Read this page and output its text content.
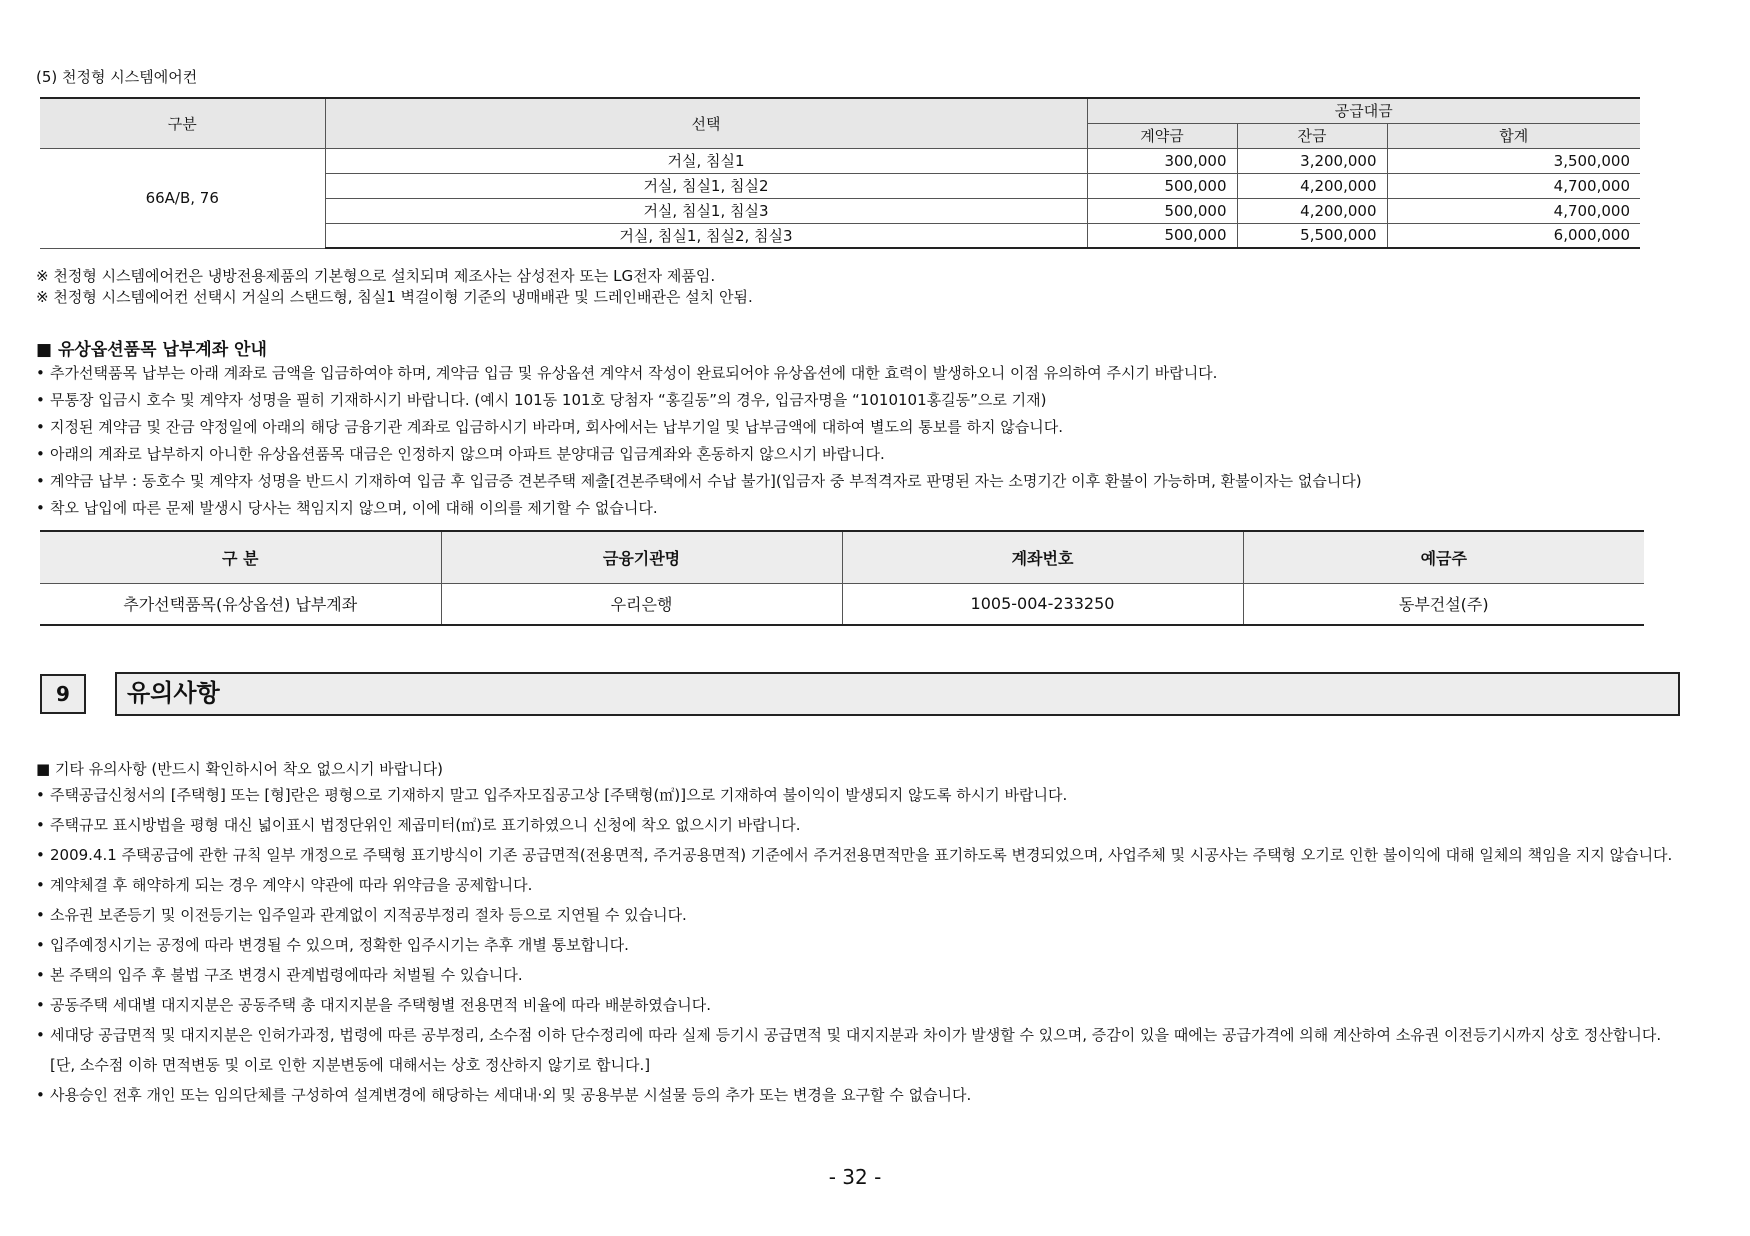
(5) 천정형 시스템에어컨
구분	선택	공급대금		
		계약금	잔금	합계
66A/B, 76	거실, 침실1	300,000	3,200,000	3,500,000
	거실, 침실1, 침실2	500,000	4,200,000	4,700,000
	거실, 침실1, 침실3	500,000	4,200,000	4,700,000
	거실, 침실1, 침실2, 침실3	500,000	5,500,000	6,000,000
※ 천정형 시스템에어컨은 냉방전용제품의 기본형으로 설치되며 제조사는 삼성전자 또는 LG전자 제품임.
※ 천정형 시스템에어컨 선택시 거실의 스탠드형, 침실1 벽걸이형 기준의 냉매배관 및 드레인배관은 설치 안됨.
■ 유상옵션품목 납부계좌 안내
• 추가선택품목 납부는 아래 계좌로 금액을 입금하여야 하며, 계약금 입금 및 유상옵션 계약서 작성이 완료되어야 유상옵션에 대한 효력이 발생하오니 이점 유의하여 주시기 바랍니다.
• 무통장 입금시 호수 및 계약자 성명을 필히 기재하시기 바랍니다. (예시 101동 101호 당첨자 “홍길동”의 경우, 입금자명을 “1010101홍길동”으로 기재)
• 지정된 계약금 및 잔금 약정일에 아래의 해당 금융기관 계좌로 입금하시기 바라며, 회사에서는 납부기일 및 납부금액에 대하여 별도의 통보를 하지 않습니다.
• 아래의 계좌로 납부하지 아니한 유상옵션품목 대금은 인정하지 않으며 아파트 분양대금 입금계좌와 혼동하지 않으시기 바랍니다.
• 계약금 납부 : 동호수 및 계약자 성명을 반드시 기재하여 입금 후 입금증 견본주택 제출[견본주택에서 수납 불가](입금자 중 부적격자로 판명된 자는 소명기간 이후 환불이 가능하며, 환불이자는 없습니다)
• 착오 납입에 따른 문제 발생시 당사는 책임지지 않으며, 이에 대해 이의를 제기할 수 없습니다.
구 분	금융기관명	계좌번호	예금주
추가선택품목(유상옵션) 납부계좌	우리은행	1005-004-233250	동부건설(주)
9	유의사항
■ 기타 유의사항 (반드시 확인하시어 착오 없으시기 바랍니다)
• 주택공급신청서의 [주택형] 또는 [형]란은 평형으로 기재하지 말고 입주자모집공고상 [주택형(㎡)]으로 기재하여 불이익이 발생되지 않도록 하시기 바랍니다.
• 주택규모 표시방법을 평형 대신 넓이표시 법정단위인 제곱미터(㎡)로 표기하였으니 신청에 착오 없으시기 바랍니다.
• 2009.4.1 주택공급에 관한 규칙 일부 개정으로 주택형 표기방식이 기존 공급면적(전용면적, 주거공용면적) 기준에서 주거전용면적만을 표기하도록 변경되었으며, 사업주체 및 시공사는 주택형 오기로 인한 불이익에 대해 일체의 책임을 지지 않습니다.
• 계약체결 후 해약하게 되는 경우 계약시 약관에 따라 위약금을 공제합니다.
• 소유권 보존등기 및 이전등기는 입주일과 관계없이 지적공부정리 절차 등으로 지연될 수 있습니다.
• 입주예정시기는 공정에 따라 변경될 수 있으며, 정확한 입주시기는 추후 개별 통보합니다.
• 본 주택의 입주 후 불법 구조 변경시 관계법령에따라 처벌될 수 있습니다.
• 공동주택 세대별 대지지분은 공동주택 총 대지지분을 주택형별 전용면적 비율에 따라 배분하였습니다.
• 세대당 공급면적 및 대지지분은 인허가과정, 법령에 따른 공부정리, 소수점 이하 단수정리에 따라 실제 등기시 공급면적 및 대지지분과 차이가 발생할 수 있으며, 증감이 있을 때에는 공급가격에 의해 계산하여 소유권 이전등기시까지 상호 정산합니다. [단, 소수점 이하 면적변동 및 이로 인한 지분변동에 대해서는 상호 정산하지 않기로 합니다.]
• 사용승인 전후 개인 또는 임의단체를 구성하여 설계변경에 해당하는 세대내·외 및 공용부분 시설물 등의 추가 또는 변경을 요구할 수 없습니다.
- 32 -
